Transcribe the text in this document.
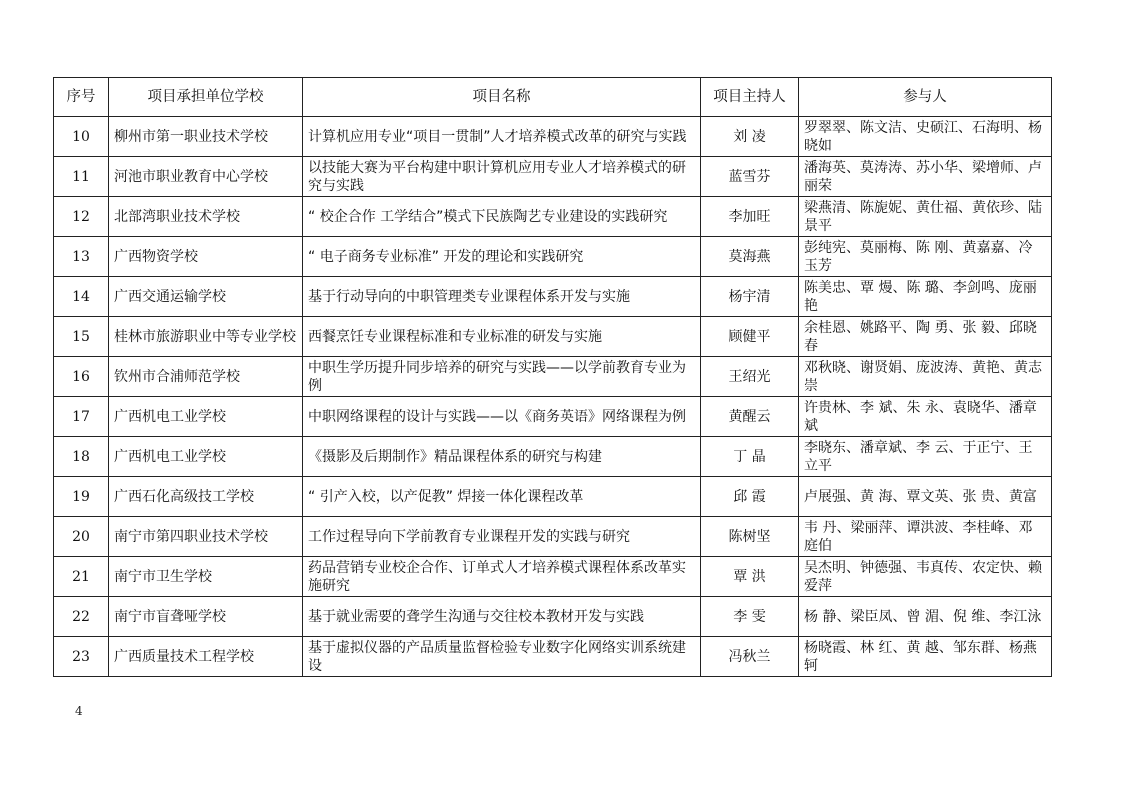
序号	项目承担单位学校	项目名称	项目主持人	参与人
10	柳州市第一职业技术学校	计算机应用专业“项目一贯制”人才培养模式改革的研究与实践	刘 凌	罗翠翠、陈文洁、史硕江、石海明、杨晓如
11	河池市职业教育中心学校	以技能大赛为平台构建中职计算机应用专业人才培养模式的研究与实践	蓝雪芬	潘海英、莫涛涛、苏小华、梁增师、卢丽荣
12	北部湾职业技术学校	“ 校企合作 工学结合”模式下民族陶艺专业建设的实践研究	李加旺	梁燕清、陈旎妮、黄仕福、黄依珍、陆景平
13	广西物资学校	“ 电子商务专业标准” 开发的理论和实践研究	莫海燕	彭纯宪、莫丽梅、陈 刚、黄嘉嘉、冷玉芳
14	广西交通运输学校	基于行动导向的中职管理类专业课程体系开发与实施	杨宇清	陈美忠、覃 熳、陈 璐、李剑鸣、庞丽艳
15	桂林市旅游职业中等专业学校	西餐烹饪专业课程标准和专业标准的研发与实施	顾健平	余桂恩、姚路平、陶 勇、张 毅、邱晓春
16	钦州市合浦师范学校	中职生学历提升同步培养的研究与实践——以学前教育专业为例	王绍光	邓秋晓、谢贤娟、庞波涛、黄艳、黄志崇
17	广西机电工业学校	中职网络课程的设计与实践——以《商务英语》网络课程为例	黄醒云	许贵林、李 斌、朱 永、袁晓华、潘章斌
18	广西机电工业学校	《摄影及后期制作》精品课程体系的研究与构建	丁 晶	李晓东、潘章斌、李 云、于正宁、王立平
19	广西石化高级技工学校	“ 引产入校，以产促教” 焊接一体化课程改革	邱 霞	卢展强、黄 海、覃文英、张 贵、黄富
20	南宁市第四职业技术学校	工作过程导向下学前教育专业课程开发的实践与研究	陈树坚	韦 丹、梁丽萍、谭洪波、李桂峰、邓庭伯
21	南宁市卫生学校	药品营销专业校企合作、订单式人才培养模式课程体系改革实施研究	覃 洪	吴杰明、钟德强、韦真传、农定快、赖爱萍
22	南宁市盲聋哑学校	基于就业需要的聋学生沟通与交往校本教材开发与实践	李 雯	杨 静、梁臣凤、曾 湄、倪 维、李江泳
23	广西质量技术工程学校	基于虚拟仪器的产品质量监督检验专业数字化网络实训系统建设	冯秋兰	杨晓霞、林 红、黄 越、邹东群、杨燕轲
4
